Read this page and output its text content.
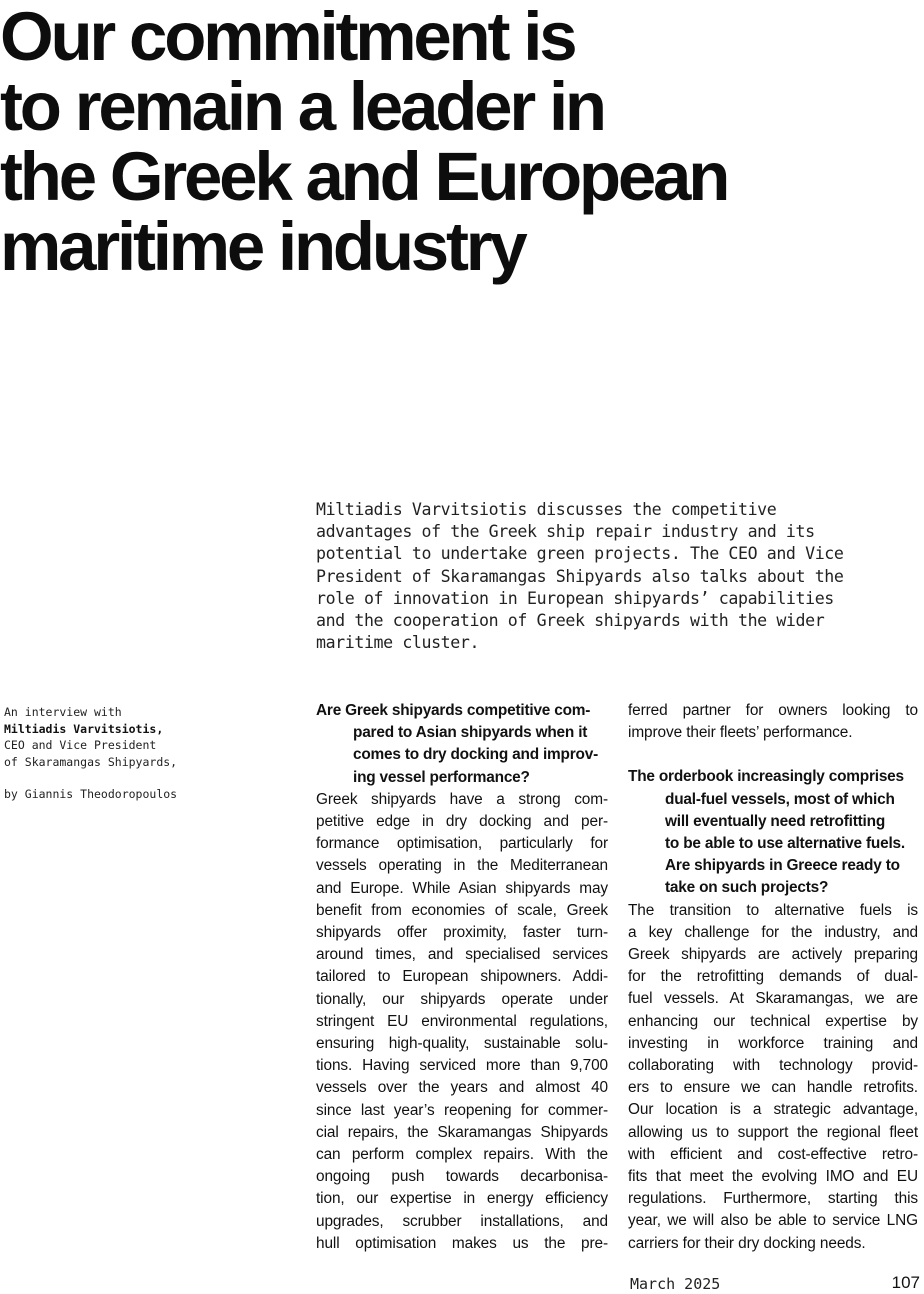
Our commitment is
to remain a leader in
the Greek and European
maritime industry
Miltiadis Varvitsiotis discusses the competitive
advantages of the Greek ship repair industry and its
potential to undertake green projects. The CEO and Vice
President of Skaramangas Shipyards also talks about the
role of innovation in European shipyards’ capabilities
and the cooperation of Greek shipyards with the wider
maritime cluster.
An interview with
Miltiadis Varvitsiotis,
CEO and Vice President
of Skaramangas Shipyards,
by Giannis Theodoropoulos
Are Greek shipyards competitive com-
pared to Asian shipyards when it
comes to dry docking and improv-
ing vessel performance?
Greek shipyards have a strong com-
petitive edge in dry docking and per-
formance optimisation, particularly for
vessels operating in the Mediterranean
and Europe. While Asian shipyards may
benefit from economies of scale, Greek
shipyards offer proximity, faster turn-
around times, and specialised services
tailored to European shipowners. Addi-
tionally, our shipyards operate under
stringent EU environmental regulations,
ensuring high-quality, sustainable solu-
tions. Having serviced more than 9,700
vessels over the years and almost 40
since last year’s reopening for commer-
cial repairs, the Skaramangas Shipyards
can perform complex repairs. With the
ongoing push towards decarbonisa-
tion, our expertise in energy efficiency
upgrades, scrubber installations, and
hull optimisation makes us the pre-
ferred partner for owners looking to
improve their fleets’ performance.
The orderbook increasingly comprises
dual-fuel vessels, most of which
will eventually need retrofitting
to be able to use alternative fuels.
Are shipyards in Greece ready to
take on such projects?
The transition to alternative fuels is
a key challenge for the industry, and
Greek shipyards are actively preparing
for the retrofitting demands of dual-
fuel vessels. At Skaramangas, we are
enhancing our technical expertise by
investing in workforce training and
collaborating with technology provid-
ers to ensure we can handle retrofits.
Our location is a strategic advantage,
allowing us to support the regional fleet
with efficient and cost-effective retro-
fits that meet the evolving IMO and EU
regulations. Furthermore, starting this
year, we will also be able to service LNG
carriers for their dry docking needs.
March 2025	107
